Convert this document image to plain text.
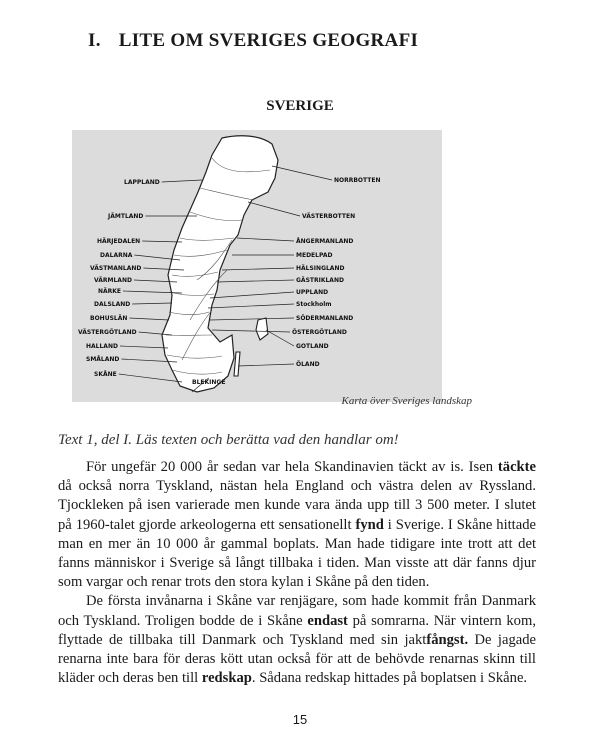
I. LITE OM SVERIGES GEOGRAFI
SVERIGE
LAPPLAND
JÄMTLAND
HÄRJEDALEN
DALARNA
VÄSTMANLAND
VÄRMLAND
NÄRKE
DALSLAND
BOHUSLÄN
VÄSTERGÖTLAND
HALLAND
SMÅLAND
SKÅNE
NORRBOTTEN
VÄSTERBOTTEN
ÅNGERMANLAND
MEDELPAD
HÄLSINGLAND
GÄSTRIKLAND
UPPLAND
Stockholm
SÖDERMANLAND
ÖSTERGÖTLAND
GOTLAND
ÖLAND
BLEKINGE
Karta över Sveriges landskap

Text 1, del I. Läs texten och berätta vad den handlar om!

För ungefär 20 000 år sedan var hela Skandinavien täckt av is. Isen täckte då också norra Tyskland, nästan hela England och västra delen av Ryssland. Tjockleken på isen varierade men kunde vara ända upp till 3 500 meter. I slutet på 1960-talet gjorde arkeologerna ett sensationellt fynd i Sverige. I Skåne hittade man en mer än 10 000 år gammal boplats. Man hade tidigare inte trott att det fanns människor i Sverige så långt tillbaka i tiden. Man visste att där fanns djur som vargar och renar trots den stora kylan i Skåne på den tiden.

De första invånarna i Skåne var renjägare, som hade kommit från Danmark och Tyskland. Troligen bodde de i Skåne endast på somrarna. När vintern kom, flyttade de tillbaka till Danmark och Tyskland med sin jaktfångst. De jagade renarna inte bara för deras kött utan också för att de behövde renarnas skinn till kläder och deras ben till redskap. Sådana redskap hittades på boplatsen i Skåne.

15
